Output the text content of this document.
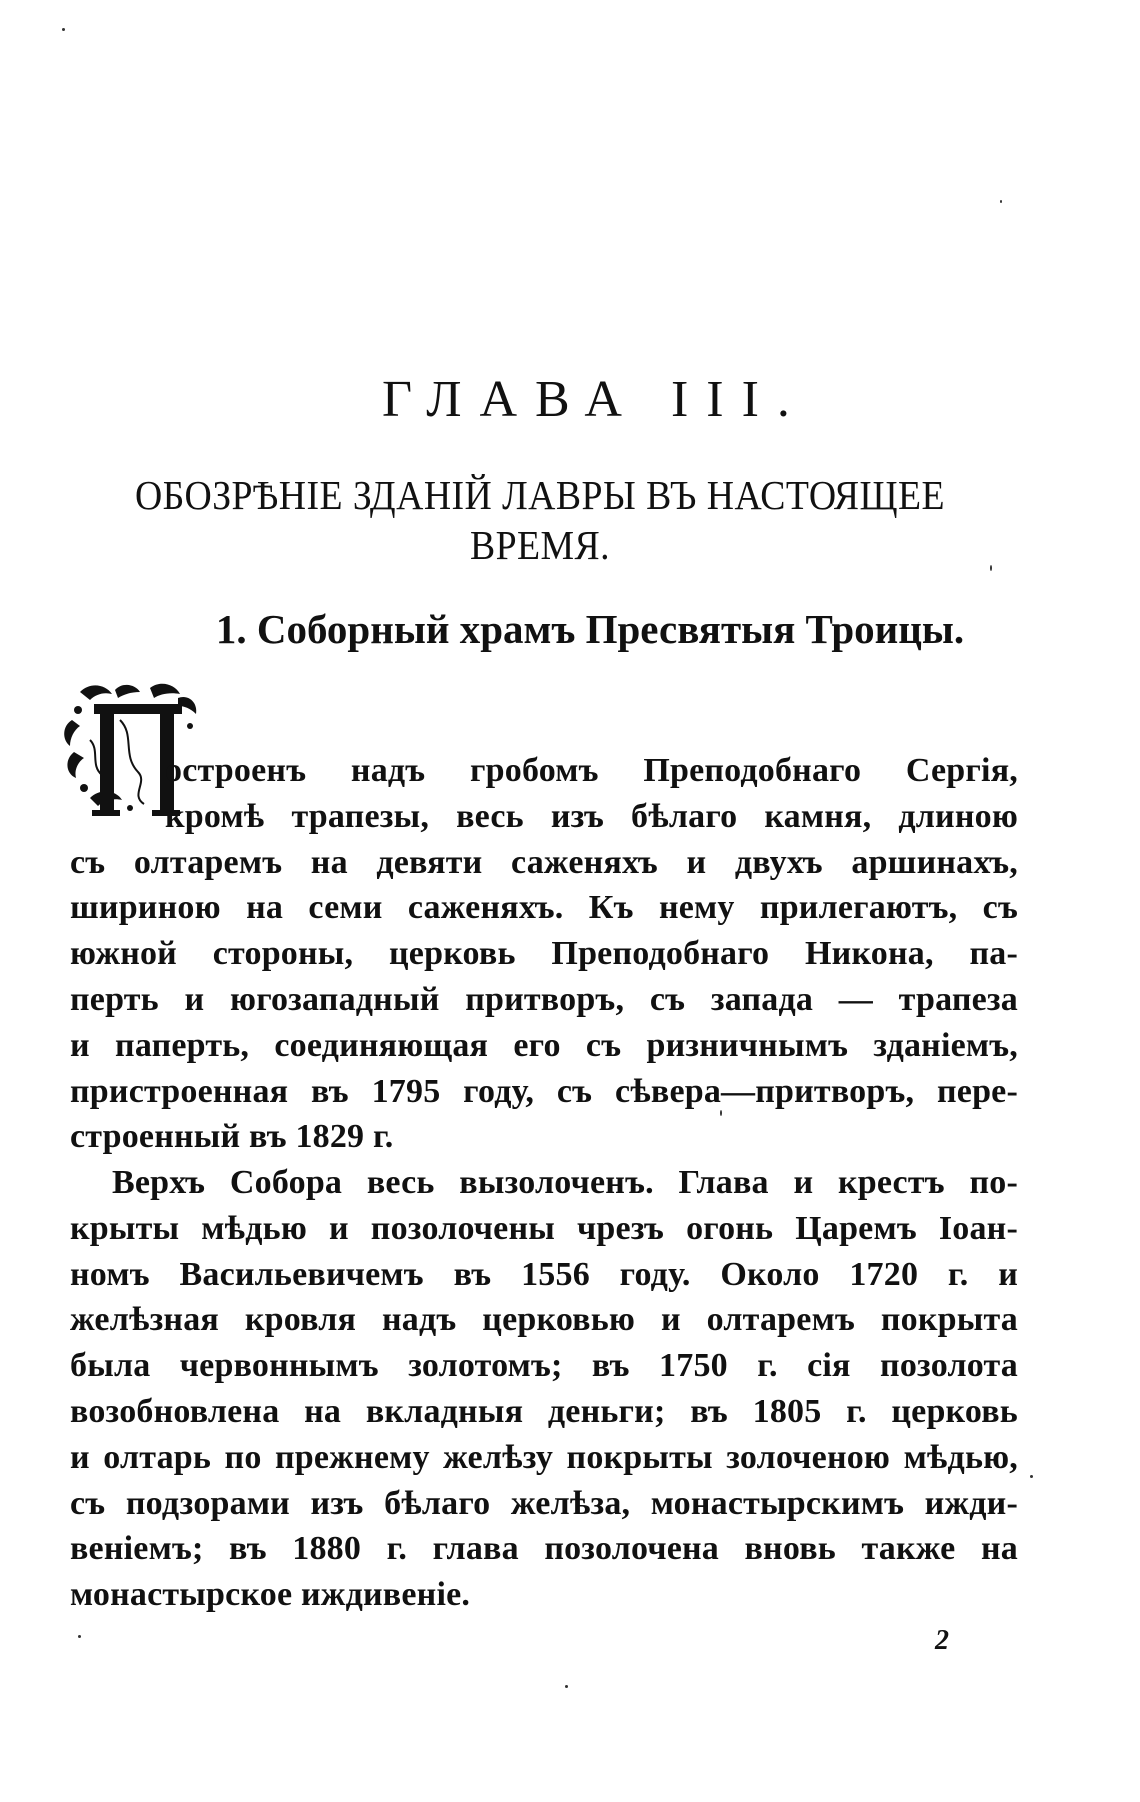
ГЛАВА III.
ОБОЗРѢНІЕ ЗДАНІЙ ЛАВРЫ ВЪ НАСТОЯЩЕЕ
ВРЕМЯ.
1. Соборный храмъ Пресвятыя Троицы.
остроенъ надъ гробомъ Преподобнаго Сергія,
кромѣ трапезы, весь изъ бѣлаго камня, длиною
съ олтаремъ на девяти саженяхъ и двухъ аршинахъ,
шириною на семи саженяхъ. Къ нему прилегаютъ, съ
южной стороны, церковь Преподобнаго Никона, па-
перть и югозападный притворъ, съ запада — трапеза
и паперть, соединяющая его съ ризничнымъ зданіемъ,
пристроенная въ 1795 году, съ сѣвера—притворъ, пере-
строенный въ 1829 г.
Верхъ Собора весь вызолоченъ. Глава и крестъ по-
крыты мѣдью и позолочены чрезъ огонь Царемъ Іоан-
номъ Васильевичемъ въ 1556 году. Около 1720 г. и
желѣзная кровля надъ церковью и олтаремъ покрыта
была червоннымъ золотомъ; въ 1750 г. сія позолота
возобновлена на вкладныя деньги; въ 1805 г. церковь
и олтарь по прежнему желѣзу покрыты золоченою мѣдью,
съ подзорами изъ бѣлаго желѣза, монастырскимъ ижди-
веніемъ; въ 1880 г. глава позолочена вновь также на
монастырское иждивеніе.
2
